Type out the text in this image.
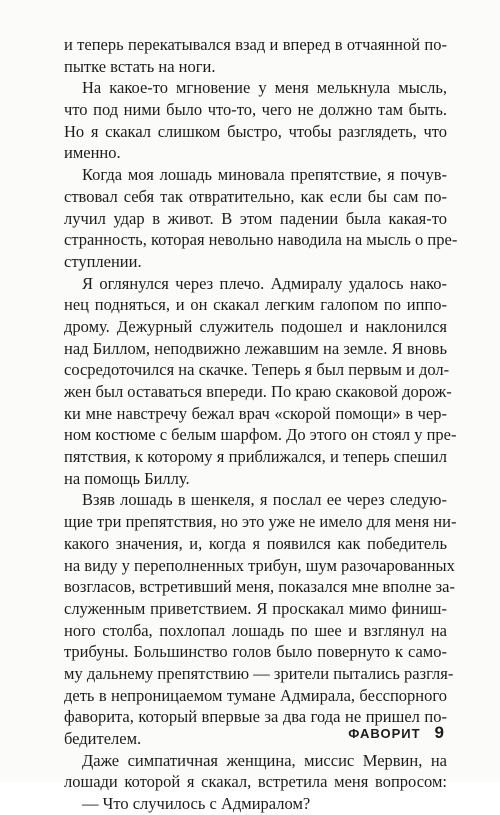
и теперь перекатывался взад и вперед в отчаянной по-
пытке встать на ноги.
На какое-то мгновение у меня мелькнула мысль,
что под ними было что-то, чего не должно там быть.
Но я скакал слишком быстро, чтобы разглядеть, что
именно.
Когда моя лошадь миновала препятствие, я почув-
ствовал себя так отвратительно, как если бы сам по-
лучил удар в живот. В этом падении была какая-то
странность, которая невольно наводила на мысль о пре-
ступлении.
Я оглянулся через плечо. Адмиралу удалось нако-
нец подняться, и он скакал легким галопом по иппо-
дрому. Дежурный служитель подошел и наклонился
над Биллом, неподвижно лежавшим на земле. Я вновь
сосредоточился на скачке. Теперь я был первым и дол-
жен был оставаться впереди. По краю скаковой дорож-
ки мне навстречу бежал врач «скорой помощи» в чер-
ном костюме с белым шарфом. До этого он стоял у пре-
пятствия, к которому я приближался, и теперь спешил
на помощь Биллу.
Взяв лошадь в шенкеля, я послал ее через следую-
щие три препятствия, но это уже не имело для меня ни-
какого значения, и, когда я появился как победитель
на виду у переполненных трибун, шум разочарованных
возгласов, встретивший меня, показался мне вполне за-
служенным приветствием. Я проскакал мимо финиш-
ного столба, похлопал лошадь по шее и взглянул на
трибуны. Большинство голов было повернуто к само-
му дальнему препятствию — зрители пытались разгля-
деть в непроницаемом тумане Адмирала, бесспорного
фаворита, который впервые за два года не пришел по-
бедителем.
Даже симпатичная женщина, миссис Мервин, на
лошади которой я скакал, встретила меня вопросом:
— Что случилось с Адмиралом?
ФАВОРИТ 9
